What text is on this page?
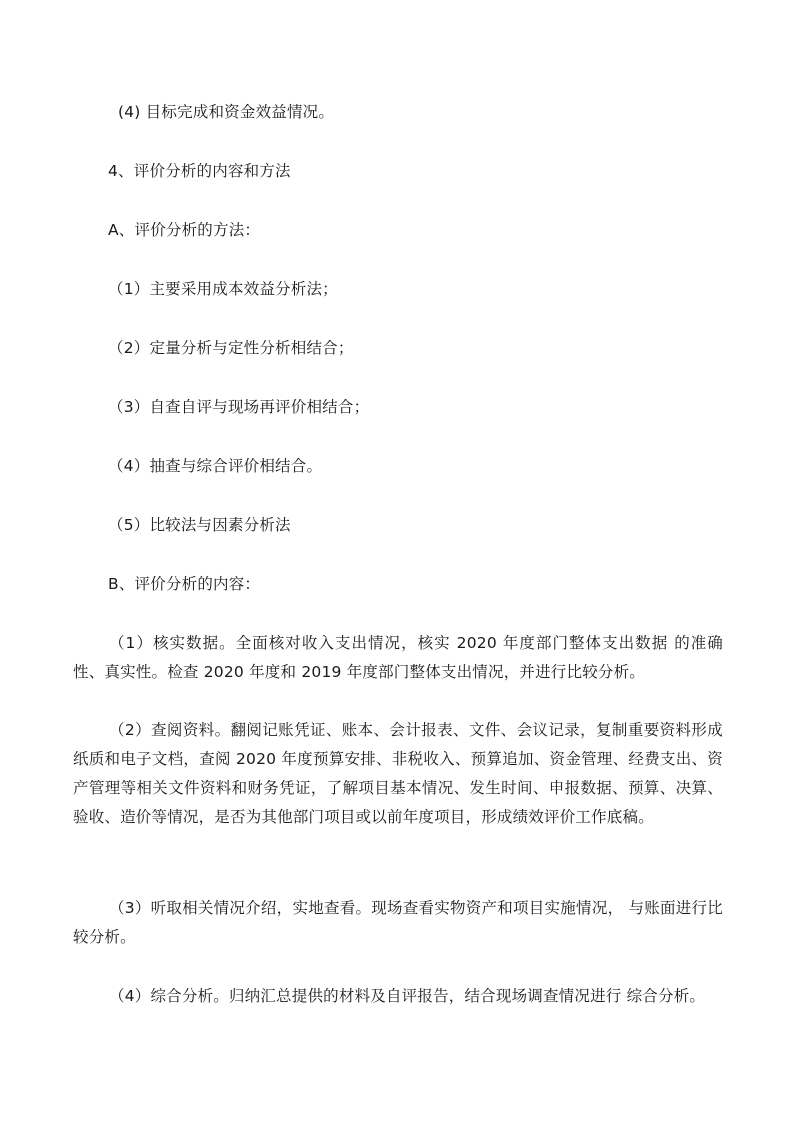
(4) 目标完成和资金效益情况。
4、评价分析的内容和方法
A、评价分析的方法：
（1）主要采用成本效益分析法；
（2）定量分析与定性分析相结合；
（3）自查自评与现场再评价相结合；
（4）抽查与综合评价相结合。
（5）比较法与因素分析法
B、评价分析的内容：
（1）核实数据。全面核对收入支出情况，核实 2020 年度部门整体支出数据 的准确性、真实性。检查 2020 年度和 2019 年度部门整体支出情况，并进行比较分析。
（2）查阅资料。翻阅记账凭证、账本、会计报表、文件、会议记录，复制重要资料形成纸质和电子文档，查阅 2020 年度预算安排、非税收入、预算追加、资金管理、经费支出、资产管理等相关文件资料和财务凭证，了解项目基本情况、发生时间、申报数据、预算、决算、验收、造价等情况，是否为其他部门项目或以前年度项目，形成绩效评价工作底稿。
（3）听取相关情况介绍，实地查看。现场查看实物资产和项目实施情况， 与账面进行比较分析。
（4）综合分析。归纳汇总提供的材料及自评报告，结合现场调查情况进行 综合分析。
